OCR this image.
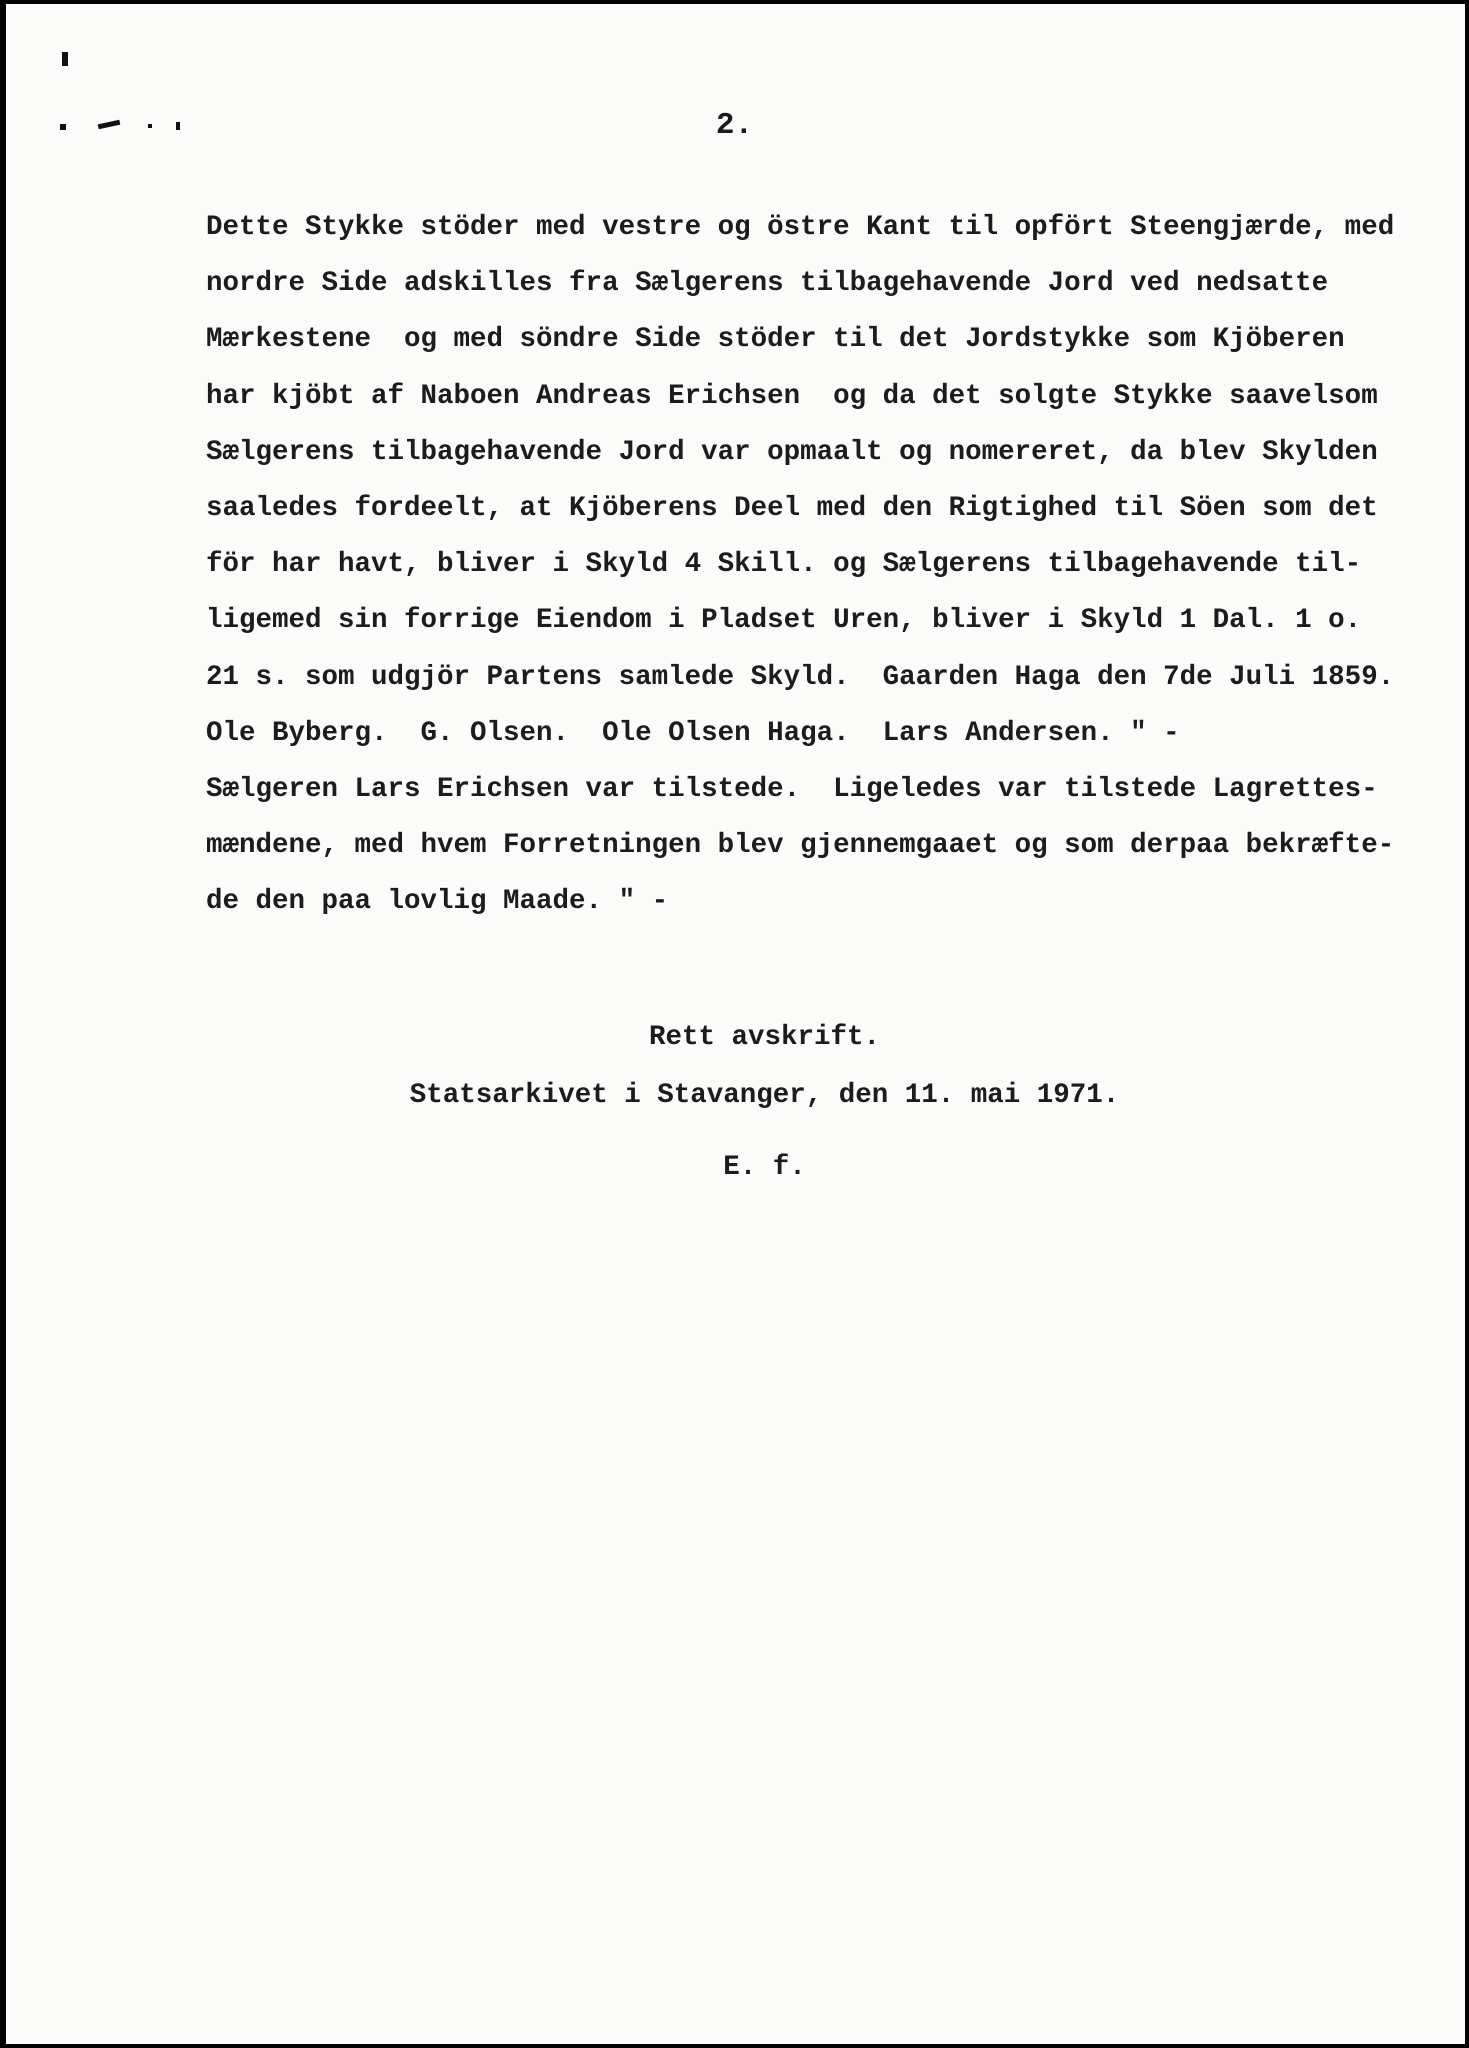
2.
Dette Stykke stöder med vestre og östre Kant til opfört Steengjærde, med
nordre Side adskilles fra Sælgerens tilbagehavende Jord ved nedsatte
Mærkestene  og med söndre Side stöder til det Jordstykke som Kjöberen
har kjöbt af Naboen Andreas Erichsen  og da det solgte Stykke saavelsom
Sælgerens tilbagehavende Jord var opmaalt og nomereret, da blev Skylden
saaledes fordeelt, at Kjöberens Deel med den Rigtighed til Söen som det
för har havt, bliver i Skyld 4 Skill. og Sælgerens tilbagehavende til-
ligemed sin forrige Eiendom i Pladset Uren, bliver i Skyld 1 Dal. 1 o.
21 s. som udgjör Partens samlede Skyld.  Gaarden Haga den 7de Juli 1859.
Ole Byberg.  G. Olsen.  Ole Olsen Haga.  Lars Andersen. " -
Sælgeren Lars Erichsen var tilstede.  Ligeledes var tilstede Lagrettes-
mændene, med hvem Forretningen blev gjennemgaaet og som derpaa bekræfte-
de den paa lovlig Maade. " -
Rett avskrift.
Statsarkivet i Stavanger, den 11. mai 1971.
E. f.
